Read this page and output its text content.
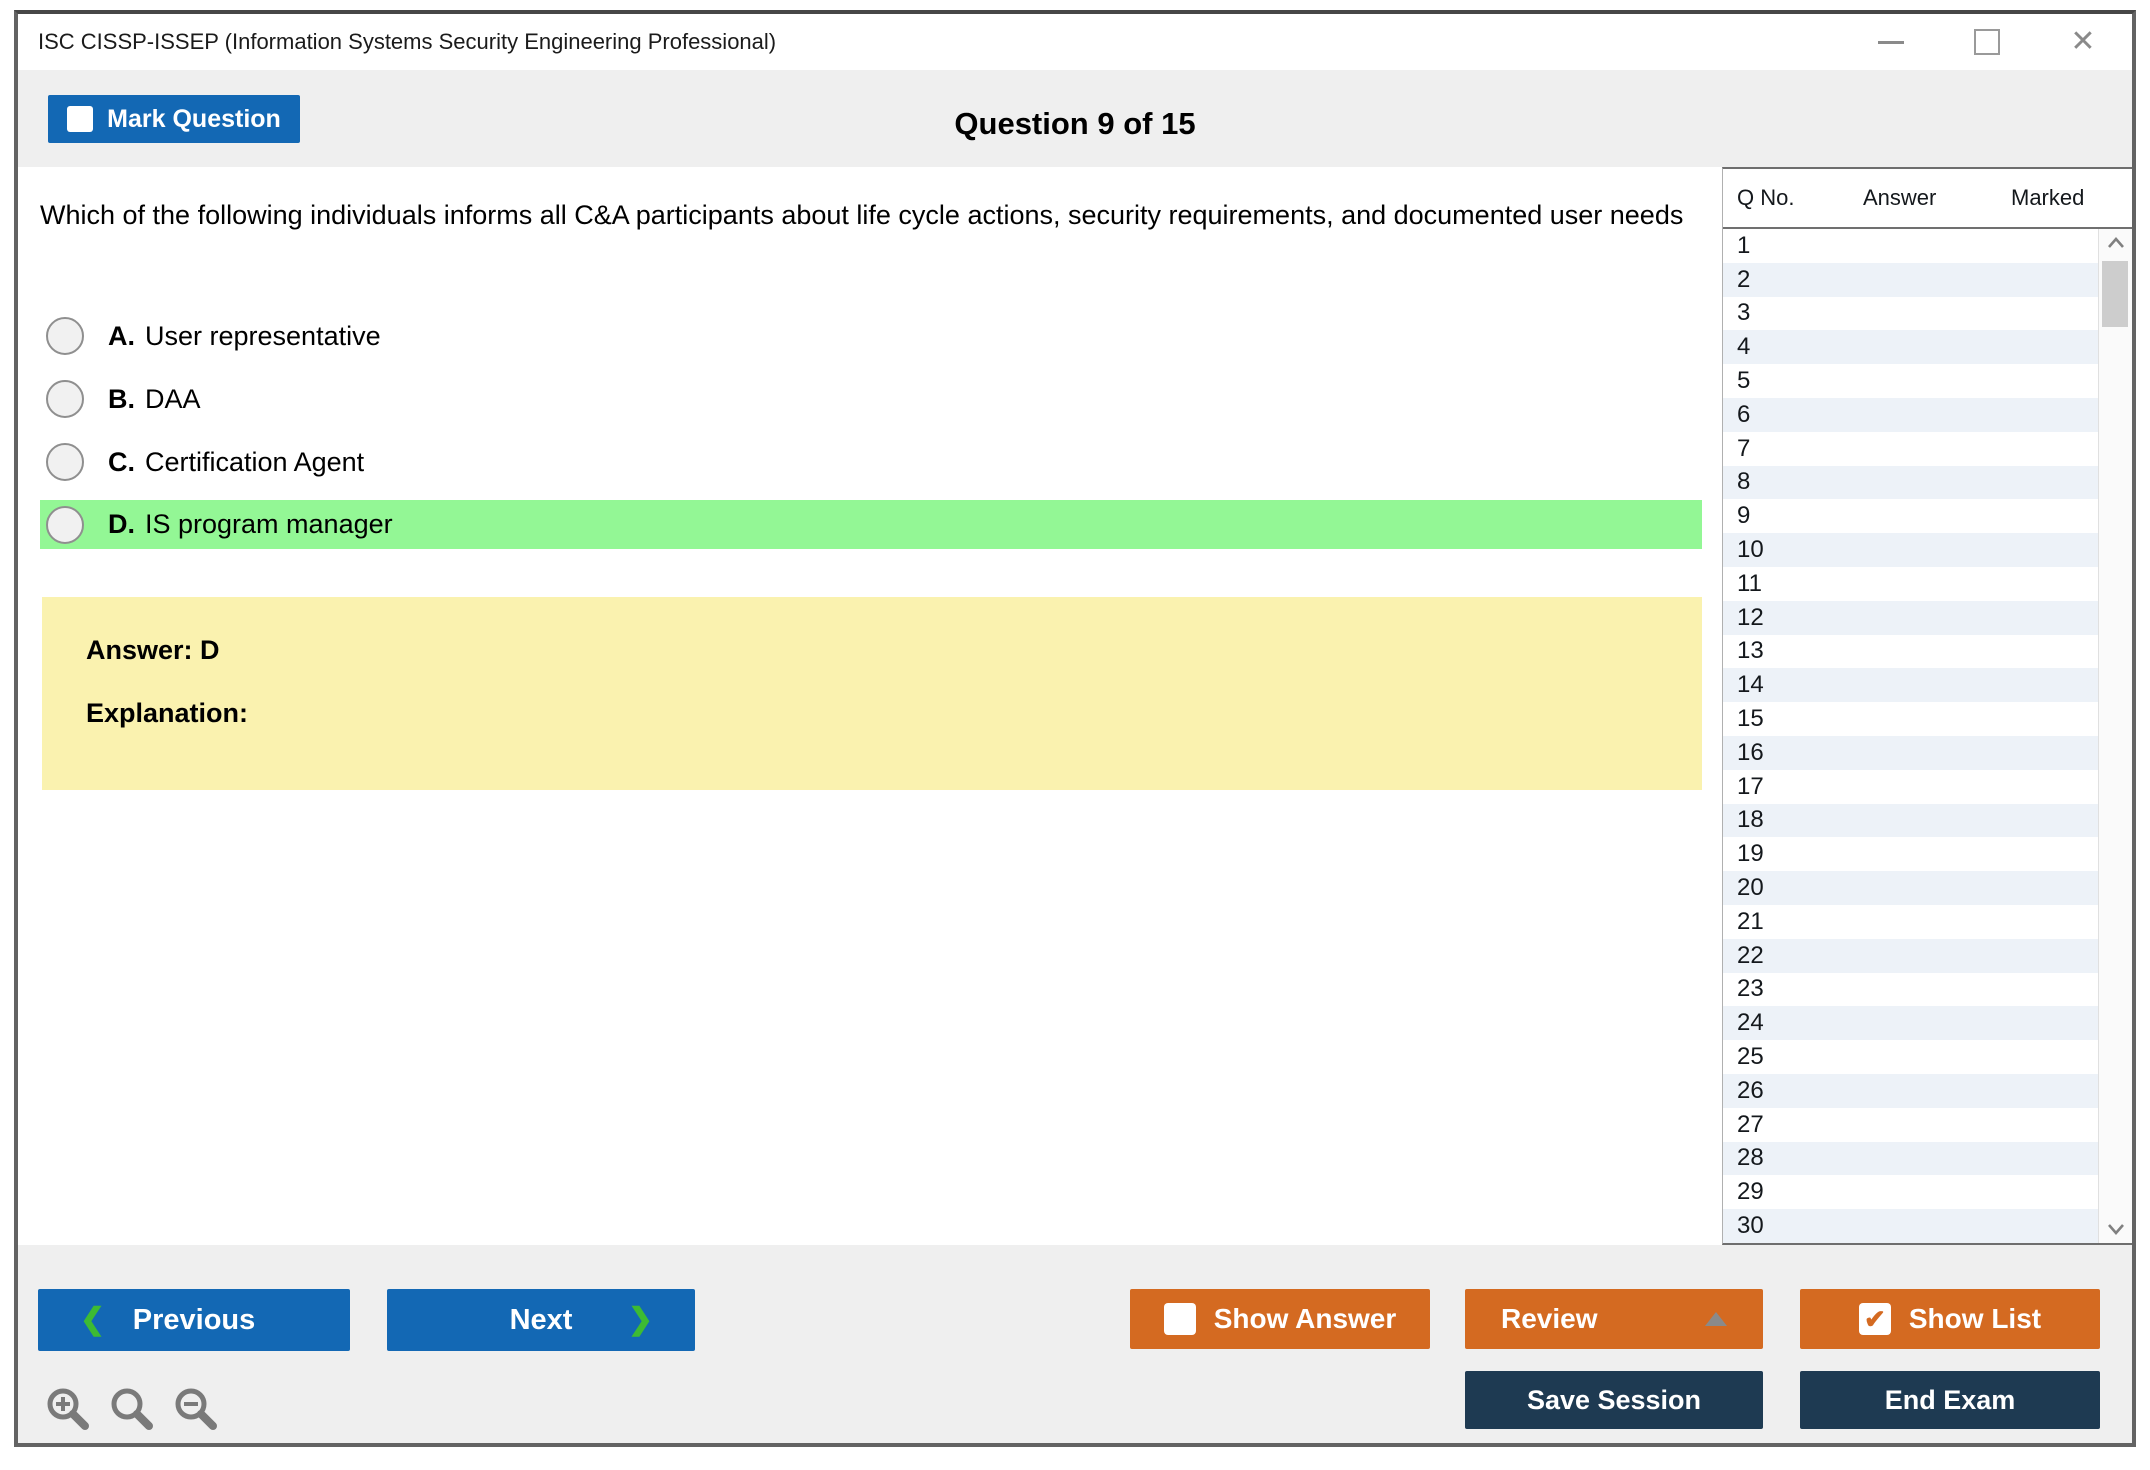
ISC CISSP-ISSEP (Information Systems Security Engineering Professional)	✕
Mark Question	Question 9 of 15
Which of the following individuals informs all C&A participants about life cycle actions, security requirements, and documented user needs
A. User representative
B. DAA
C. Certification Agent
D. IS program manager
Answer: D
Explanation:
Q No.	Answer	Marked
1
2
3
4
5
6
7
8
9
10
11
12
13
14
15
16
17
18
19
20
21
22
23
24
25
26
27
28
29
30
❮ Previous	Next ❯	Show Answer	Review	✔ Show List
Save Session	End Exam
